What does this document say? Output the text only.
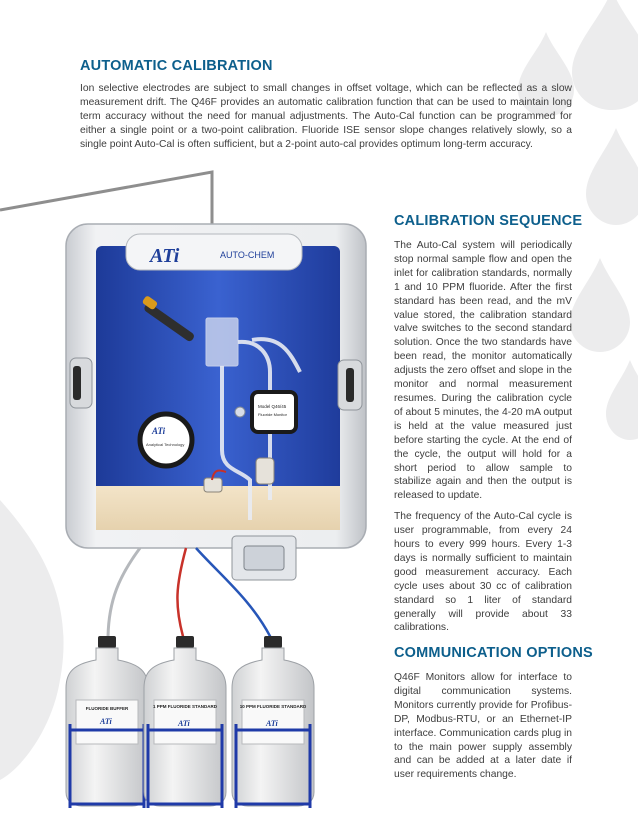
AUTOMATIC CALIBRATION

Ion selective electrodes are subject to small changes in offset voltage, which can be reflected as a slow measurement drift. The Q46F provides an automatic calibration function that can be used to maintain long term accuracy without the need for manual adjustments. The Auto-Cal function can be programmed for either a single point or a two-point calibration. Fluoride ISE sensor slope changes relatively slowly, so a single point Auto-Cal is often sufficient, but a 2-point auto-cal provides optimum long-term accuracy.

CALIBRATION SEQUENCE

The Auto-Cal system will periodically stop normal sample flow and open the inlet for calibration standards, normally 1 and 10 PPM fluoride. After the first standard has been read, and the mV value stored, the calibration standard valve switches to the second standard solution. Once the two standards have been read, the monitor automatically adjusts the zero offset and slope in the monitor and normal measurement resumes. During the calibration cycle of about 5 minutes, the 4-20 mA output is held at the value measured just before starting the cycle. At the end of the cycle, the output will hold for a short period to allow sample to stabilize again and then the output is released to update.

The frequency of the Auto-Cal cycle is user programmable, from every 24 hours to every 999 hours. Every 1-3 days is normally sufficient to maintain good measurement accuracy. Each cycle uses about 30 cc of calibration standard so 1 liter of standard generally will provide about 33 calibrations.

COMMUNICATION OPTIONS

Q46F Monitors allow for interface to digital communication systems. Monitors currently provide for Profibus-DP, Modbus-RTU, or an Ethernet-IP interface. Communication cards plug in to the main power supply assembly and can be added at a later date if user requirements change.

ATi	AUTO-CHEM
ATi
Analytical Technology
Model Q46/45
Fluoride Monitor
FLUORIDE BUFFER
ATi
1 PPM FLUORIDE STANDARD
ATi
10 PPM FLUORIDE STANDARD
ATi
